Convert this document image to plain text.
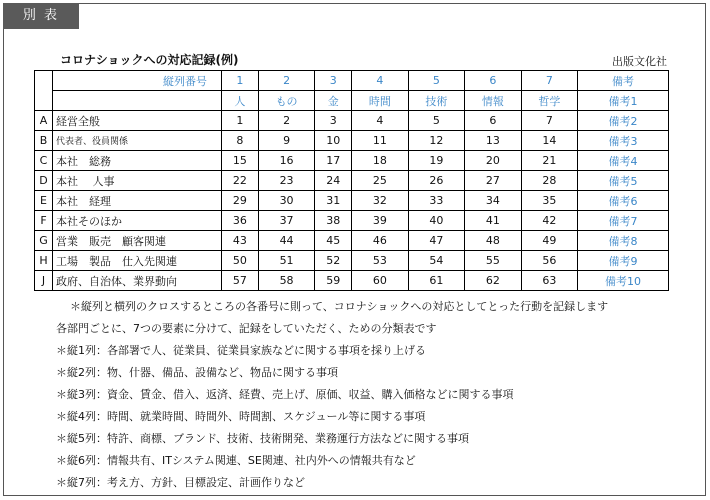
別 表
コロナショックへの対応記録(例)	出版文化社
	縦列番号	1	2	3	4	5	6	7	備考
		人	もの	金	時間	技術	情報	哲学	備考1
A	経営全般	1	2	3	4	5	6	7	備考2
B	代表者、役員関係	8	9	10	11	12	13	14	備考3
C	本社　総務	15	16	17	18	19	20	21	備考4
D	本社　 人事	22	23	24	25	26	27	28	備考5
E	本社　経理	29	30	31	32	33	34	35	備考6
F	本社そのほか	36	37	38	39	40	41	42	備考7
G	営業　販売　顧客関連	43	44	45	46	47	48	49	備考8
H	工場　製品　仕入先関連	50	51	52	53	54	55	56	備考9
J	政府、自治体、業界動向	57	58	59	60	61	62	63	備考10
＊縦列と横列のクロスするところの各番号に則って、コロナショックへの対応としてとった行動を記録します
各部門ごとに、7つの要素に分けて、記録をしていただく、ための分類表です
＊縦1列：各部署で人、従業員、従業員家族などに関する事項を採り上げる
＊縦2列：物、什器、備品、設備など、物品に関する事項
＊縦3列：資金、賃金、借入、返済、経費、売上げ、原価、収益、購入価格などに関する事項
＊縦4列：時間、就業時間、時間外、時間割、スケジュール等に関する事項
＊縦5列：特許、商標、ブランド、技術、技術開発、業務運行方法などに関する事項
＊縦6列：情報共有、ITシステム関連、SE関連、社内外への情報共有など
＊縦7列：考え方、方針、目標設定、計画作りなど
